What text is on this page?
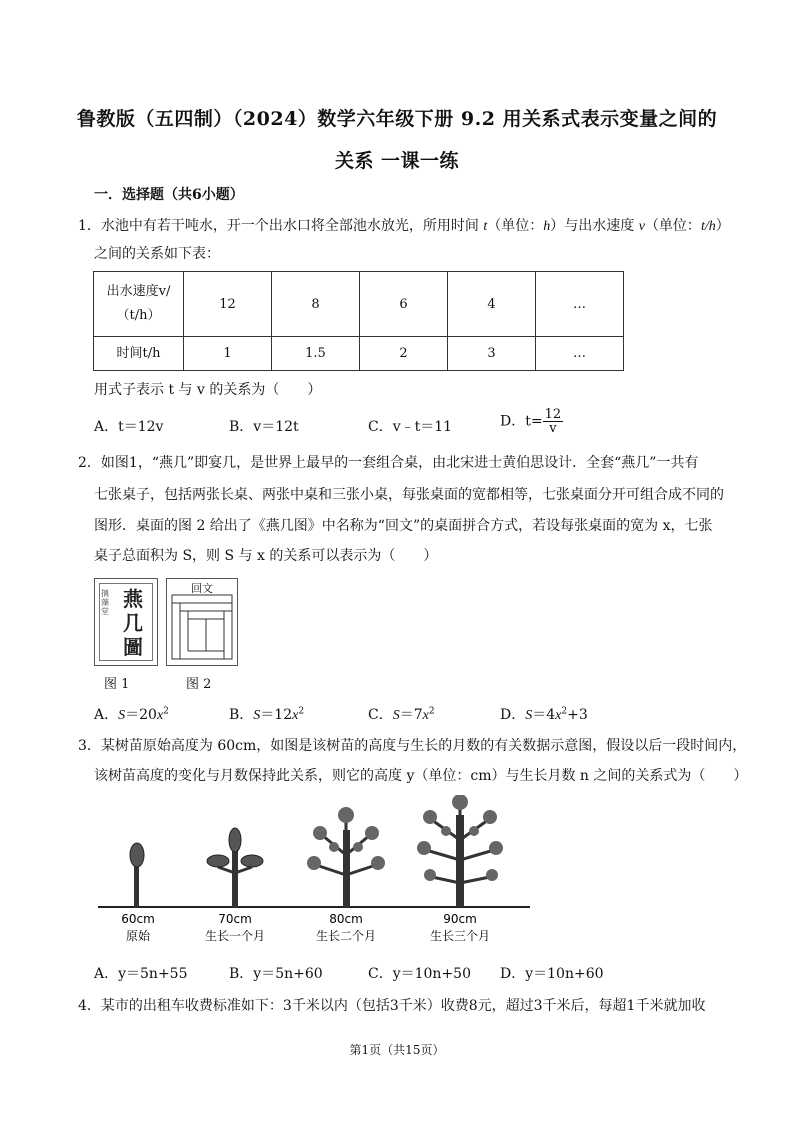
鲁教版（五四制）（2024）数学六年级下册 9.2 用关系式表示变量之间的
关系 一课一练
一．选择题（共6小题）
1．水池中有若干吨水，开一个出水口将全部池水放光，所用时间 t（单位：h）与出水速度 v（单位：t/h）
之间的关系如下表：
出水速度v/
（t/h）	12	8	6	4	…
时间t/h	1	1.5	2	3	…
用式子表示 t 与 v 的关系为（　　）
A．t＝12v	B．v＝12t	C．v﹣t＝11	D．$t= \frac{12}{v}$
2．如图1，“燕几”即宴几，是世界上最早的一套组合桌，由北宋进士黄伯思设计．全套“燕几”一共有
七张桌子，包括两张长桌、两张中桌和三张小桌，每张桌面的宽都相等，七张桌面分开可组合成不同的
图形．桌面的图 2 给出了《燕几图》中名称为“回文”的桌面拼合方式，若设每张桌面的宽为 x，七张
桌子总面积为 S，则 S 与 x 的关系可以表示为（　　）
摛藻堂
燕几圖
图 1
回文
图 2
A．$S=20x^2$	B．$S=12x^2$	C．$S=7x^2$	D．$S=4x^2+3$
3．某树苗原始高度为 60cm，如图是该树苗的高度与生长的月数的有关数据示意图，假设以后一段时间内，
该树苗高度的变化与月数保持此关系，则它的高度 y（单位：cm）与生长月数 n 之间的关系式为（　　）
60cm
原始
70cm
生长一个月
80cm
生长二个月
90cm
生长三个月
A．y＝5n+55	B．y＝5n+60	C．y＝10n+50 D．y＝10n+60
4．某市的出租车收费标准如下：3千米以内（包括3千米）收费8元，超过3千米后，每超1千米就加收
第1页（共15页）
